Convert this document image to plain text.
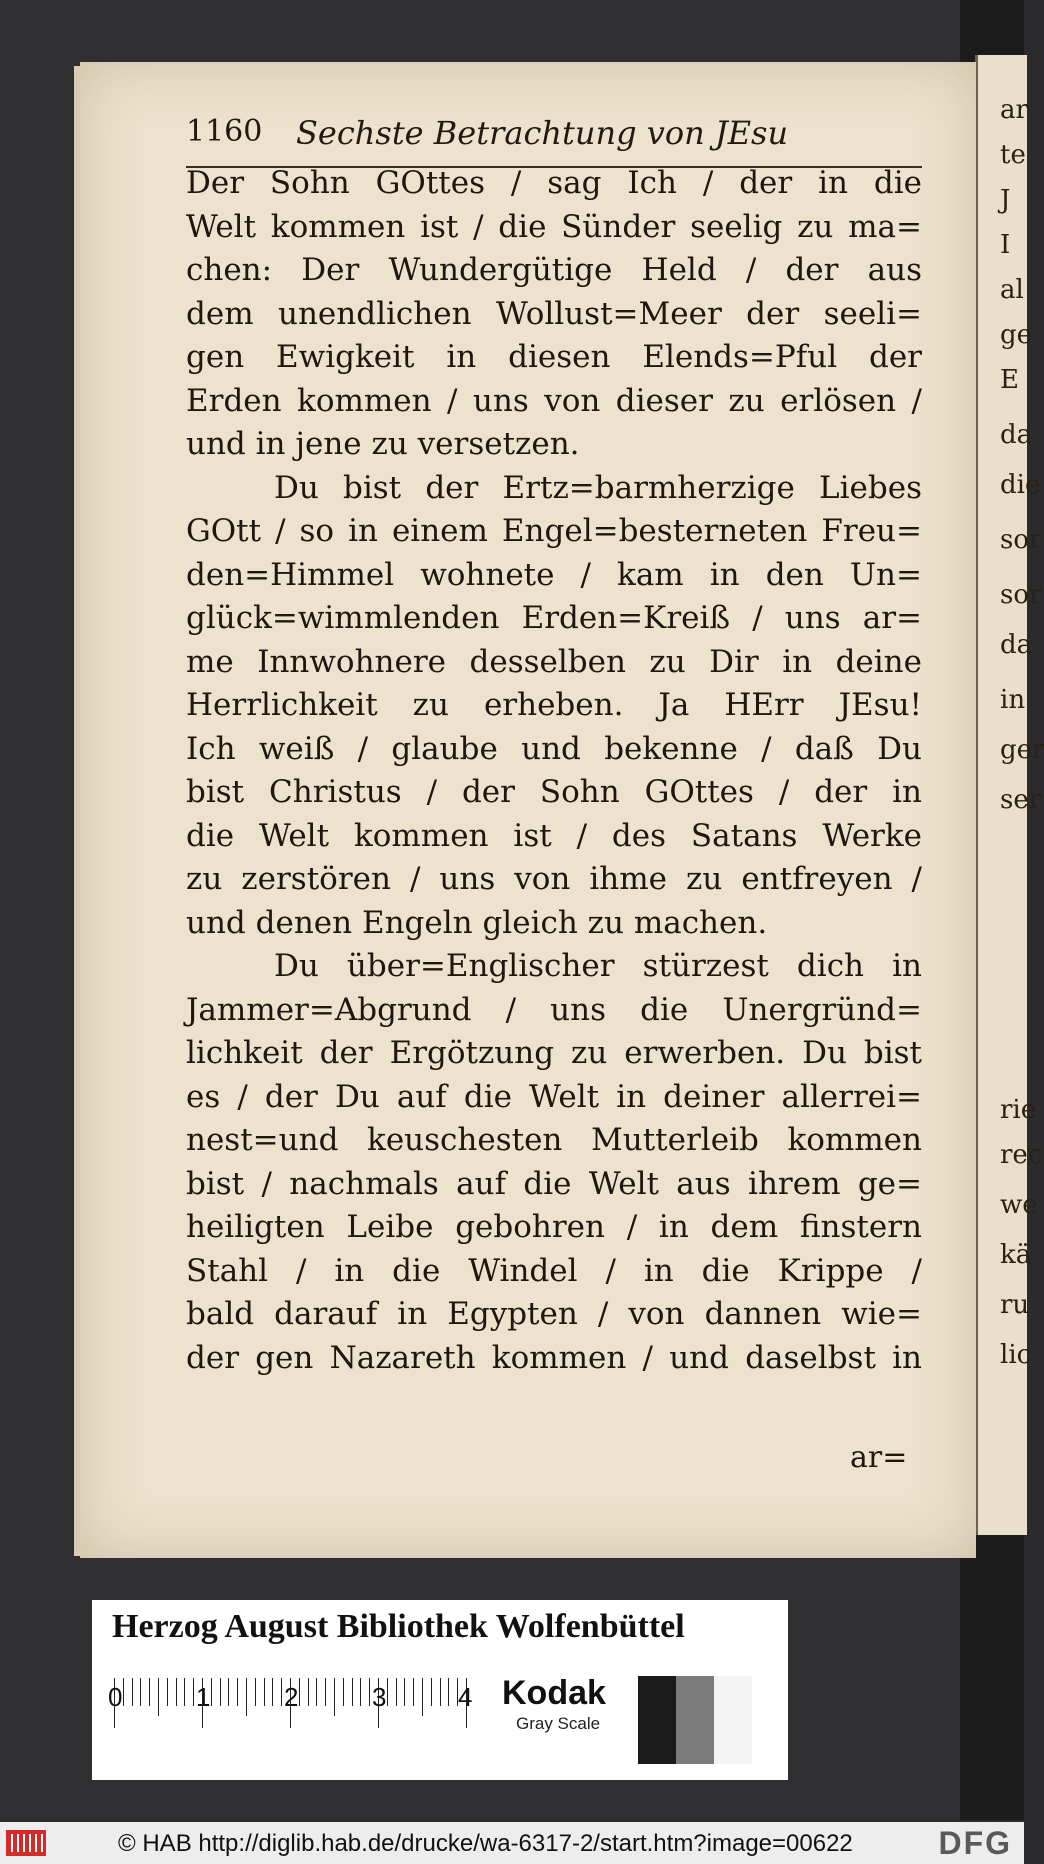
ar
te
J
I
al
ge
E
da
die
sor
sor
da
in
ger
ser
rie
rec
we
kä
ru
lic
1160 Sechste Betrachtung von JEsu
Der Sohn GOttes / sag Ich / der in die
Welt kommen ist / die Sünder seelig zu ma=
chen: Der Wundergütige Held / der aus
dem unendlichen Wollust=Meer der seeli=
gen Ewigkeit in diesen Elends=Pful der
Erden kommen / uns von dieser zu erlösen /
und in jene zu versetzen.
Du bist der Ertz=barmherzige Liebes
GOtt / so in einem Engel=besterneten Freu=
den=Himmel wohnete / kam in den Un=
glück=wimmlenden Erden=Kreiß / uns ar=
me Innwohnere desselben zu Dir in deine
Herrlichkeit zu erheben. Ja HErr JEsu!
Ich weiß / glaube und bekenne / daß Du
bist Christus / der Sohn GOttes / der in
die Welt kommen ist / des Satans Werke
zu zerstören / uns von ihme zu entfreyen /
und denen Engeln gleich zu machen.
Du über=Englischer stürzest dich in
Jammer=Abgrund / uns die Unergründ=
lichkeit der Ergötzung zu erwerben. Du bist
es / der Du auf die Welt in deiner allerrei=
nest=und keuschesten Mutterleib kommen
bist / nachmals auf die Welt aus ihrem ge=
heiligten Leibe gebohren / in dem finstern
Stahl / in die Windel / in die Krippe /
bald darauf in Egypten / von dannen wie=
der gen Nazareth kommen / und daselbst in
ar=
Herzog August Bibliothek Wolfenbüttel
0	1	2	3	4 Kodak
Gray Scale
© HAB http://diglib.hab.de/drucke/wa-6317-2/start.htm?image=00622	DFG
